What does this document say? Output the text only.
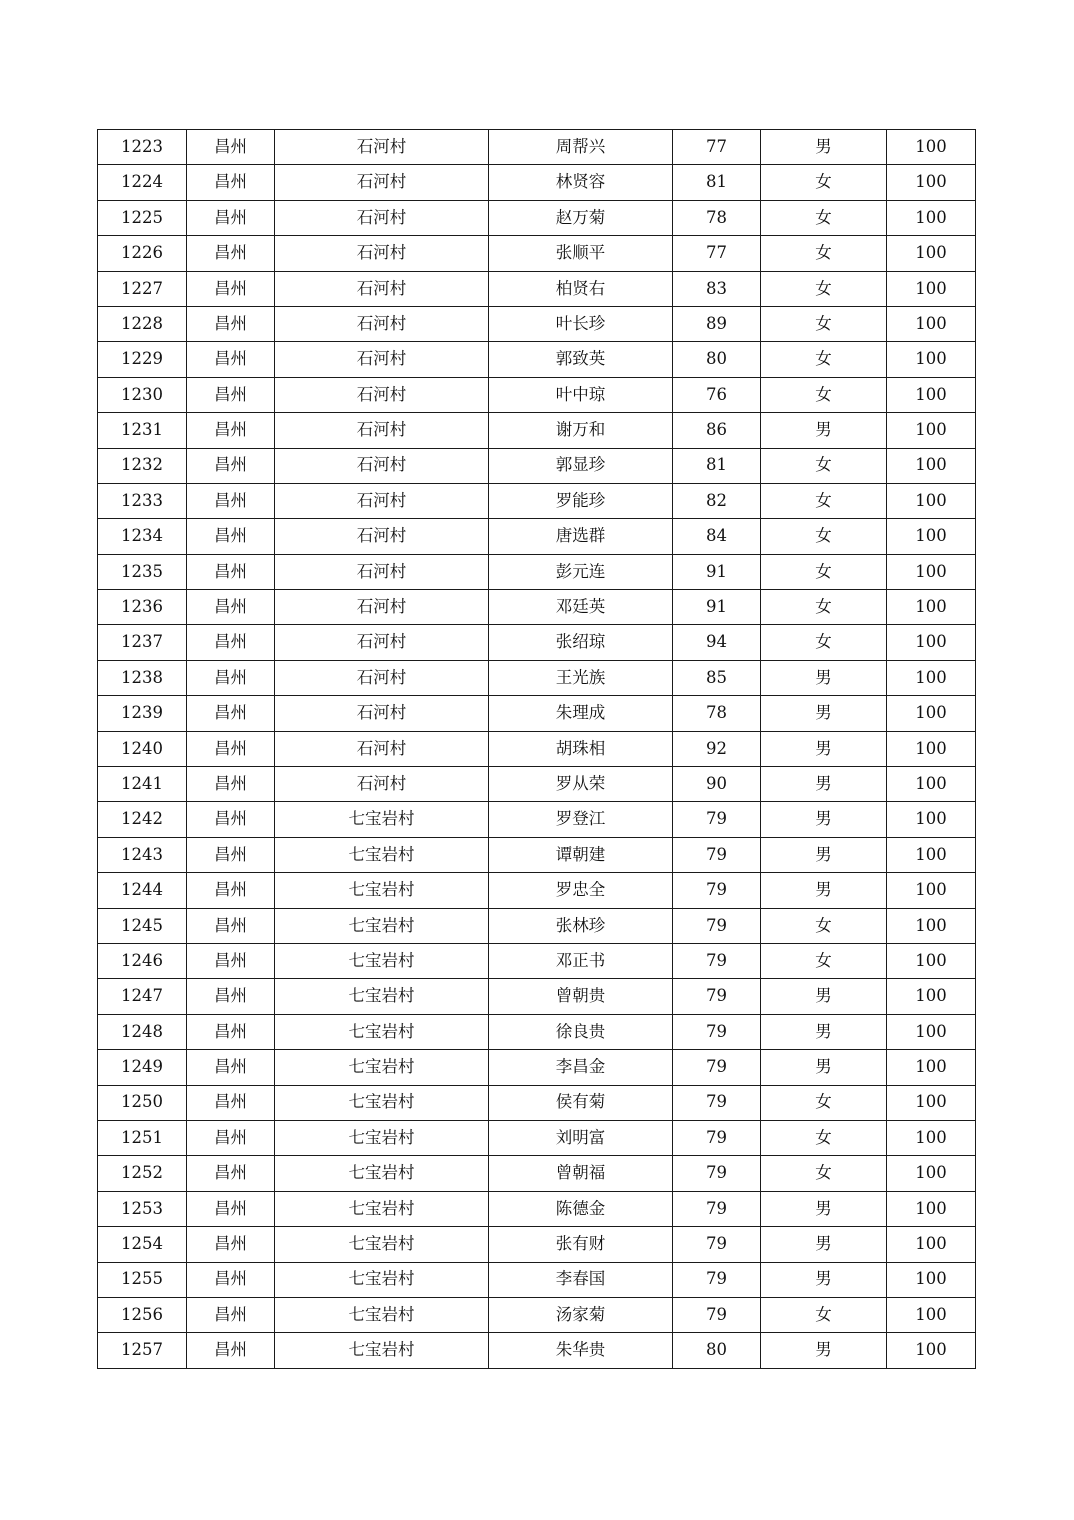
1223	昌州	石河村	周帮兴	77	男	100
1224	昌州	石河村	林贤容	81	女	100
1225	昌州	石河村	赵万菊	78	女	100
1226	昌州	石河村	张顺平	77	女	100
1227	昌州	石河村	柏贤右	83	女	100
1228	昌州	石河村	叶长珍	89	女	100
1229	昌州	石河村	郭致英	80	女	100
1230	昌州	石河村	叶中琼	76	女	100
1231	昌州	石河村	谢万和	86	男	100
1232	昌州	石河村	郭显珍	81	女	100
1233	昌州	石河村	罗能珍	82	女	100
1234	昌州	石河村	唐选群	84	女	100
1235	昌州	石河村	彭元连	91	女	100
1236	昌州	石河村	邓廷英	91	女	100
1237	昌州	石河村	张绍琼	94	女	100
1238	昌州	石河村	王光族	85	男	100
1239	昌州	石河村	朱理成	78	男	100
1240	昌州	石河村	胡珠相	92	男	100
1241	昌州	石河村	罗从荣	90	男	100
1242	昌州	七宝岩村	罗登江	79	男	100
1243	昌州	七宝岩村	谭朝建	79	男	100
1244	昌州	七宝岩村	罗忠全	79	男	100
1245	昌州	七宝岩村	张林珍	79	女	100
1246	昌州	七宝岩村	邓正书	79	女	100
1247	昌州	七宝岩村	曾朝贵	79	男	100
1248	昌州	七宝岩村	徐良贵	79	男	100
1249	昌州	七宝岩村	李昌金	79	男	100
1250	昌州	七宝岩村	侯有菊	79	女	100
1251	昌州	七宝岩村	刘明富	79	女	100
1252	昌州	七宝岩村	曾朝福	79	女	100
1253	昌州	七宝岩村	陈德金	79	男	100
1254	昌州	七宝岩村	张有财	79	男	100
1255	昌州	七宝岩村	李春国	79	男	100
1256	昌州	七宝岩村	汤家菊	79	女	100
1257	昌州	七宝岩村	朱华贵	80	男	100
